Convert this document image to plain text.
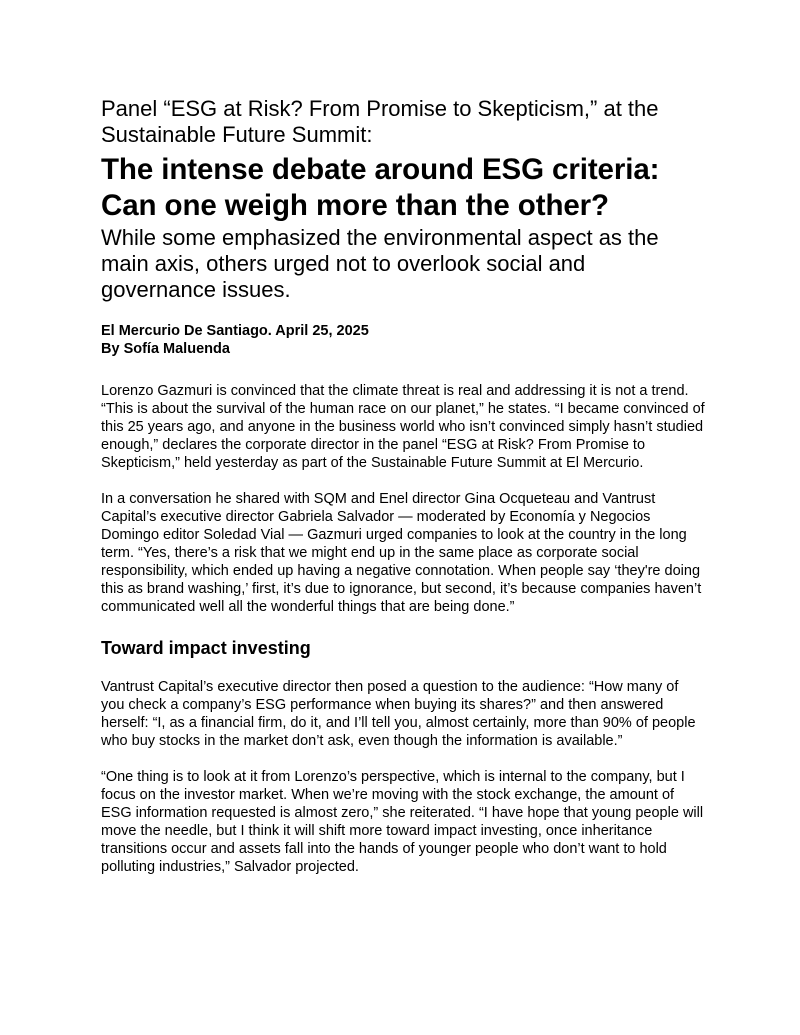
Panel “ESG at Risk? From Promise to Skepticism,” at the Sustainable Future Summit:

The intense debate around ESG criteria: Can one weigh more than the other?

While some emphasized the environmental aspect as the main axis, others urged not to overlook social and governance issues.

El Mercurio De Santiago. April 25, 2025
By Sofía Maluenda

Lorenzo Gazmuri is convinced that the climate threat is real and addressing it is not a trend. “This is about the survival of the human race on our planet,” he states. “I became convinced of this 25 years ago, and anyone in the business world who isn’t convinced simply hasn’t studied enough,” declares the corporate director in the panel “ESG at Risk? From Promise to Skepticism,” held yesterday as part of the Sustainable Future Summit at El Mercurio.

In a conversation he shared with SQM and Enel director Gina Ocqueteau and Vantrust Capital’s executive director Gabriela Salvador — moderated by Economía y Negocios Domingo editor Soledad Vial — Gazmuri urged companies to look at the country in the long term. “Yes, there’s a risk that we might end up in the same place as corporate social responsibility, which ended up having a negative connotation. When people say ‘they're doing this as brand washing,’ first, it’s due to ignorance, but second, it’s because companies haven’t communicated well all the wonderful things that are being done.”

Toward impact investing

Vantrust Capital’s executive director then posed a question to the audience: “How many of you check a company’s ESG performance when buying its shares?” and then answered herself: “I, as a financial firm, do it, and I’ll tell you, almost certainly, more than 90% of people who buy stocks in the market don’t ask, even though the information is available.”

“One thing is to look at it from Lorenzo’s perspective, which is internal to the company, but I focus on the investor market. When we’re moving with the stock exchange, the amount of ESG information requested is almost zero,” she reiterated. “I have hope that young people will move the needle, but I think it will shift more toward impact investing, once inheritance transitions occur and assets fall into the hands of younger people who don’t want to hold polluting industries,” Salvador projected.
